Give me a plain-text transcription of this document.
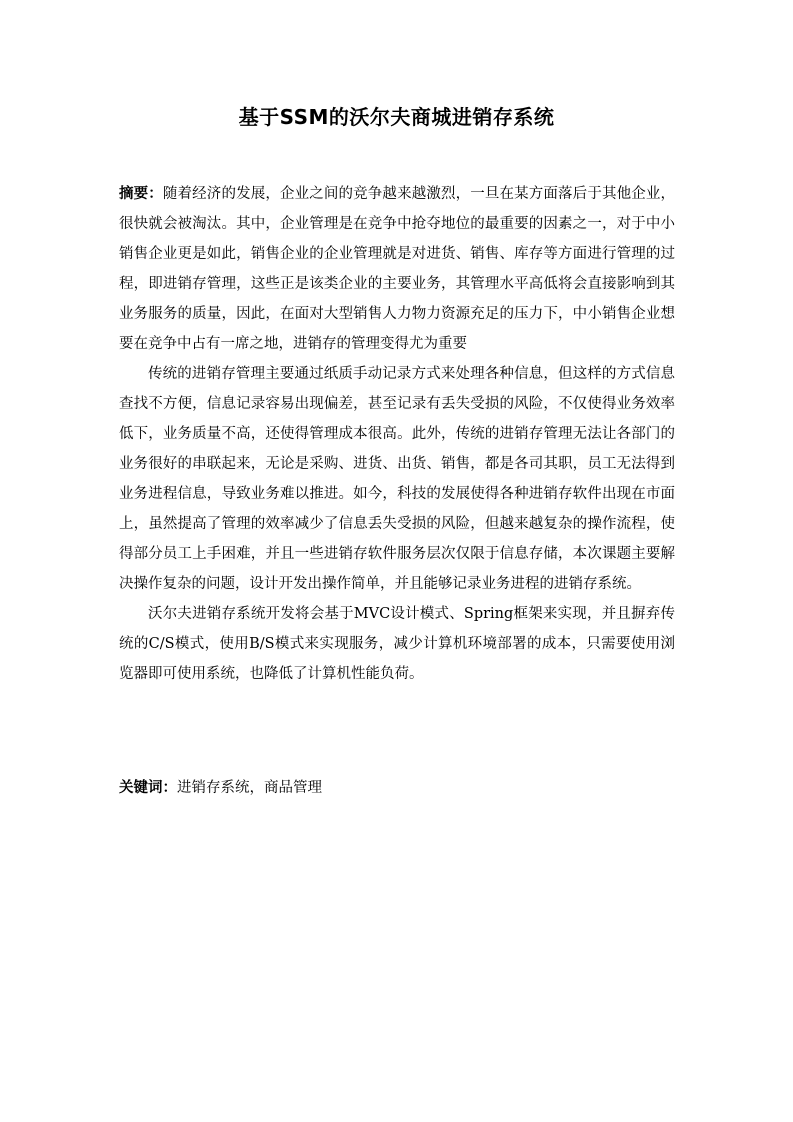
基于SSM的沃尔夫商城进销存系统

摘要：随着经济的发展，企业之间的竞争越来越激烈，一旦在某方面落后于其他企业，很快就会被淘汰。其中，企业管理是在竞争中抢夺地位的最重要的因素之一，对于中小销售企业更是如此，销售企业的企业管理就是对进货、销售、库存等方面进行管理的过程，即进销存管理，这些正是该类企业的主要业务，其管理水平高低将会直接影响到其业务服务的质量，因此，在面对大型销售人力物力资源充足的压力下，中小销售企业想要在竞争中占有一席之地，进销存的管理变得尤为重要

传统的进销存管理主要通过纸质手动记录方式来处理各种信息，但这样的方式信息查找不方便，信息记录容易出现偏差，甚至记录有丢失受损的风险，不仅使得业务效率低下，业务质量不高，还使得管理成本很高。此外，传统的进销存管理无法让各部门的业务很好的串联起来，无论是采购、进货、出货、销售，都是各司其职，员工无法得到业务进程信息，导致业务难以推进。如今，科技的发展使得各种进销存软件出现在市面上，虽然提高了管理的效率减少了信息丢失受损的风险，但越来越复杂的操作流程，使得部分员工上手困难，并且一些进销存软件服务层次仅限于信息存储，本次课题主要解决操作复杂的问题，设计开发出操作简单，并且能够记录业务进程的进销存系统。

沃尔夫进销存系统开发将会基于MVC设计模式、Spring框架来实现，并且摒弃传统的C/S模式，使用B/S模式来实现服务，减少计算机环境部署的成本，只需要使用浏览器即可使用系统，也降低了计算机性能负荷。

关键词：进销存系统，商品管理
